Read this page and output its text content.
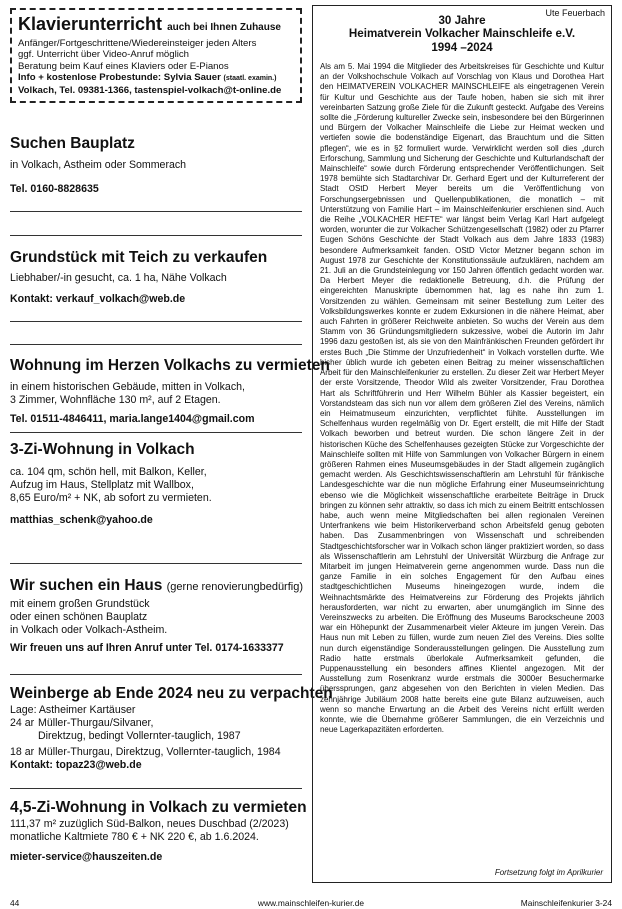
Klavierunterricht auch bei Ihnen Zuhause
Anfänger/Fortgeschrittene/Wiedereinsteiger jeden Alters
ggf. Unterricht über Video-Anruf möglich
Beratung beim Kauf eines Klaviers oder E-Pianos
Info + kostenlose Probestunde: Sylvia Sauer (staatl. examin.)
Volkach, Tel. 09381-1366, tastenspiel-volkach@t-online.de
Suchen Bauplatz
in Volkach, Astheim oder Sommerach
Tel. 0160-8828635
Grundstück mit Teich zu verkaufen
Liebhaber/-in gesucht, ca. 1 ha, Nähe Volkach
Kontakt: verkauf_volkach@web.de
Wohnung im Herzen Volkachs zu vermieten
in einem historischen Gebäude, mitten in Volkach,
3 Zimmer, Wohnfläche 130 m², auf 2 Etagen.
Tel. 01511-4846411, maria.lange1404@gmail.com
3-Zi-Wohnung in Volkach
ca. 104 qm, schön hell, mit Balkon, Keller,
Aufzug im Haus, Stellplatz mit Wallbox,
8,65 Euro/m² + NK, ab sofort zu vermieten.
matthias_schenk@yahoo.de
Wir suchen ein Haus (gerne renovierungbedürfig)
mit einem großen Grundstück
oder einen schönen Bauplatz
in Volkach oder Volkach-Astheim.
Wir freuen uns auf Ihren Anruf unter Tel. 0174-1633377
Weinberge ab Ende 2024 neu zu verpachten
Lage: Astheimer Kartäuser
24 ar Müller-Thurgau/Silvaner,
Direktzug, bedingt Vollernter-tauglich, 1987
18 ar Müller-Thurgau, Direktzug, Vollernter-tauglich, 1984
Kontakt: topaz23@web.de
4,5-Zi-Wohnung in Volkach zu vermieten
111,37 m² zuzüglich Süd-Balkon, neues Duschbad (2/2023)
monatliche Kaltmiete 780 € + NK 220 €, ab 1.6.2024.
mieter-service@hauszeiten.de
Ute Feuerbach
30 Jahre
Heimatverein Volkacher Mainschleife e.V.
1994 –2024

Als am 5. Mai 1994 die Mitglieder des Arbeitskreises für Geschichte und Kultur an der Volkshochschule Volkach auf Vorschlag von Klaus und Dorothea Hart den HEIMATVEREIN VOLKACHER MAINSCHLEIFE als eingetragenen Verein für Kultur und Geschichte aus der Taufe hoben, haben sie sich mit ihrer vereinbarten Satzung große Ziele für die Zukunft gesteckt. Aufgabe des Vereins sollte die „Förderung kultureller Zwecke sein, insbesondere bei den Bürgerinnen und Bürgern der Volkacher Mainschleife die Liebe zur Heimat wecken und vertiefen sowie die bodenständige Eigenart, das Brauchtum und die Sitten pflegen“, wie es in §2 formuliert wurde. Verwirklicht werden soll dies „durch Erforschung, Sammlung und Sicherung der Geschichte und Kulturlandschaft der Mainschleife“ sowie durch Förderung entsprechender Veröffentlichungen. Seit 1978 bemühte sich Stadtarchivar Dr. Gerhard Egert und der Kulturreferent der Stadt OStD Herbert Meyer bereits um die Veröffentlichung von Forschungsergebnissen und Quellenpublikationen, die monatlich – mit Unterstützung von Familie Hart – im Mainschleifenkurier erschienen sind. Auch die Reihe „VOLKACHER HEFTE“ war längst beim Verlag Karl Hart aufgelegt worden, worunter die zur Volkacher Schützengesellschaft (1982) oder zu Pfarrer Eugen Schöns Geschichte der Stadt Volkach aus dem Jahre 1833 (1983) besondere Aufmerksamkeit fanden. OStD Victor Metzner begann schon im August 1978 zur Geschichte der Konstitutionssäule aufzuklären, nachdem am 21. Juli an die Grundsteinlegung vor 150 Jahren öffentlich gedacht worden war. Da Herbert Meyer die redaktionelle Betreuung, d.h. die Prüfung der eingereichten Manuskripte übernommen hat, lag es nahe ihn zum 1. Vorsitzenden zu wählen. Gemeinsam mit seiner Bestellung zum Leiter des Volksbildungswerkes konnte er zudem Exkursionen in die nähere Heimat, aber auch Fahrten in größerer Reichweite anbieten. So wuchs der Verein aus dem Stamm von 36 Gründungsmitgliedern sukzessive, wobei die Autorin im Jahr 1996 dazu gestoßen ist, als sie von den Mainfränkischen Freunden gefördert ihr erstes Buch „Die Stimme der Unzufriedenheit“ in Volkach vorstellen durfte. Wie bisher üblich wurde ich gebeten einen Beitrag zu meiner wissenschaftlichen Arbeit für den Mainschleifenkurier zu erstellen. Zu dieser Zeit war Herbert Meyer der erste Vorsitzende, Theodor Wild als zweiter Vorsitzender, Frau Dorothea Hart als Schriftführerin und Herr Wilhelm Bühler als Kassier begeistert, ein Vorstandsteam das sich nun vor allem dem größeren Ziel des Vereins, nämlich ein Heimatmuseum einzurichten, verpflichtet fühlte. Ausstellungen im Schelfenhaus wurden regelmäßig von Dr. Egert erstellt, die mit Hilfe der Stadt Volkach beworben und betreut wurden. Die schon längere Zeit in der historischen Küche des Schelfenhauses gezeigten Stücke zur Vorgeschichte der Mainschleife sollten mit Hilfe von Sammlungen von Volkacher Bürgern in einem größeren Rahmen eines Museumsgebäudes in der Stadt allgemein zugänglich gemacht werden. Als Geschichtswissenschaftlerin am Lehrstuhl für fränkische Landesgeschichte war die nun mögliche Erfahrung einer Museumseinrichtung ebenso wie die Möglichkeit wissenschaftliche erarbeitete Beiträge in Druck bringen zu können sehr attraktiv, so dass ich mich zu einem Beitritt entschlossen habe, auch wenn meine Mitgliedschaften bei allen regionalen Vereinen Unterfrankens wie beim Historikerverband schon Arbeitsfeld genug geboten haben. Das Zusammenbringen von Wissenschaft und schreibenden Stadtgeschichtsforscher war in Volkach schon länger praktiziert worden, so dass als Wissenschaftlerin am Lehrstuhl der Universität Würzburg die Anfrage zur Mitarbeit im jungen Heimatverein gerne angenommen wurde. Dass nun die ganze Familie in ein solches Engagement für den Aufbau eines stadtgeschichtlichen Museums hineingezogen wurde, indem die Weihnachtsmärkte des Heimatvereins zur Förderung des Projekts jährlich herausforderten, war nicht zu erwarten, aber unumgänglich im Sinne des Vereinszwecks zu arbeiten. Die Eröffnung des Museums Barockscheune 2003 war ein Höhepunkt der Zusammenarbeit vieler Akteure im jungen Verein. Das Haus nun mit Leben zu füllen, wurde zum neuen Ziel des Vereins. Dies sollte nun durch eigenständige Sonderausstellungen gelingen. Die Ausstellung zum Radio hatte erstmals überlokale Aufmerksamkeit gefunden, die Puppenausstellung ein besonders affines Klientel angezogen. Mit der Ausstellung zum Rosenkranz wurde erstmals die 3000er Besuchermarke überssprungen, ganz abgesehen von den Berichten in vielen Medien. Das zehnjährige Jubiläum 2008 hatte bereits eine gute Bilanz aufzuweisen, auch wenn so manche Erwartung an die Arbeit des Vereins nicht erfüllt werden konnte, wie die Übernahme größerer Sammlungen, die ein Verzeichnis und neue Lagerkapazitäten erforderten.

Fortsetzung folgt im Aprilkurier
44	www.mainschleifen-kurier.de	Mainschleifenkurier 3-24
